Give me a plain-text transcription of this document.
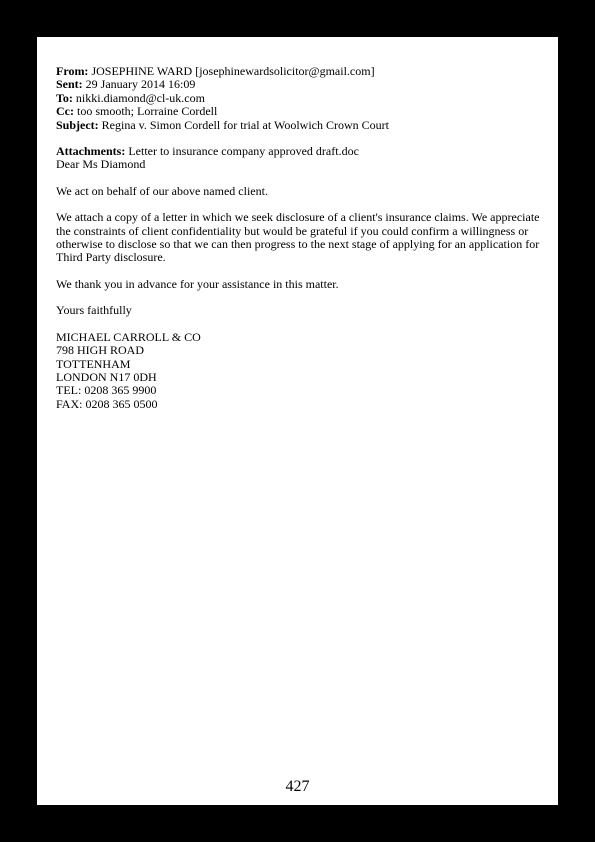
From: JOSEPHINE WARD [josephinewardsolicitor@gmail.com]
Sent: 29 January 2014 16:09
To: nikki.diamond@cl-uk.com
Cc: too smooth; Lorraine Cordell
Subject: Regina v. Simon Cordell for trial at Woolwich Crown Court
Attachments: Letter to insurance company approved draft.doc
Dear Ms Diamond
We act on behalf of our above named client.
We attach a copy of a letter in which we seek disclosure of a client's insurance claims. We appreciate the constraints of client confidentiality but would be grateful if you could confirm a willingness or otherwise to disclose so that we can then progress to the next stage of applying for an application for Third Party disclosure.
We thank you in advance for your assistance in this matter.
Yours faithfully
MICHAEL CARROLL & CO
798 HIGH ROAD
TOTTENHAM
LONDON N17 0DH
TEL: 0208 365 9900
FAX: 0208 365 0500
427
